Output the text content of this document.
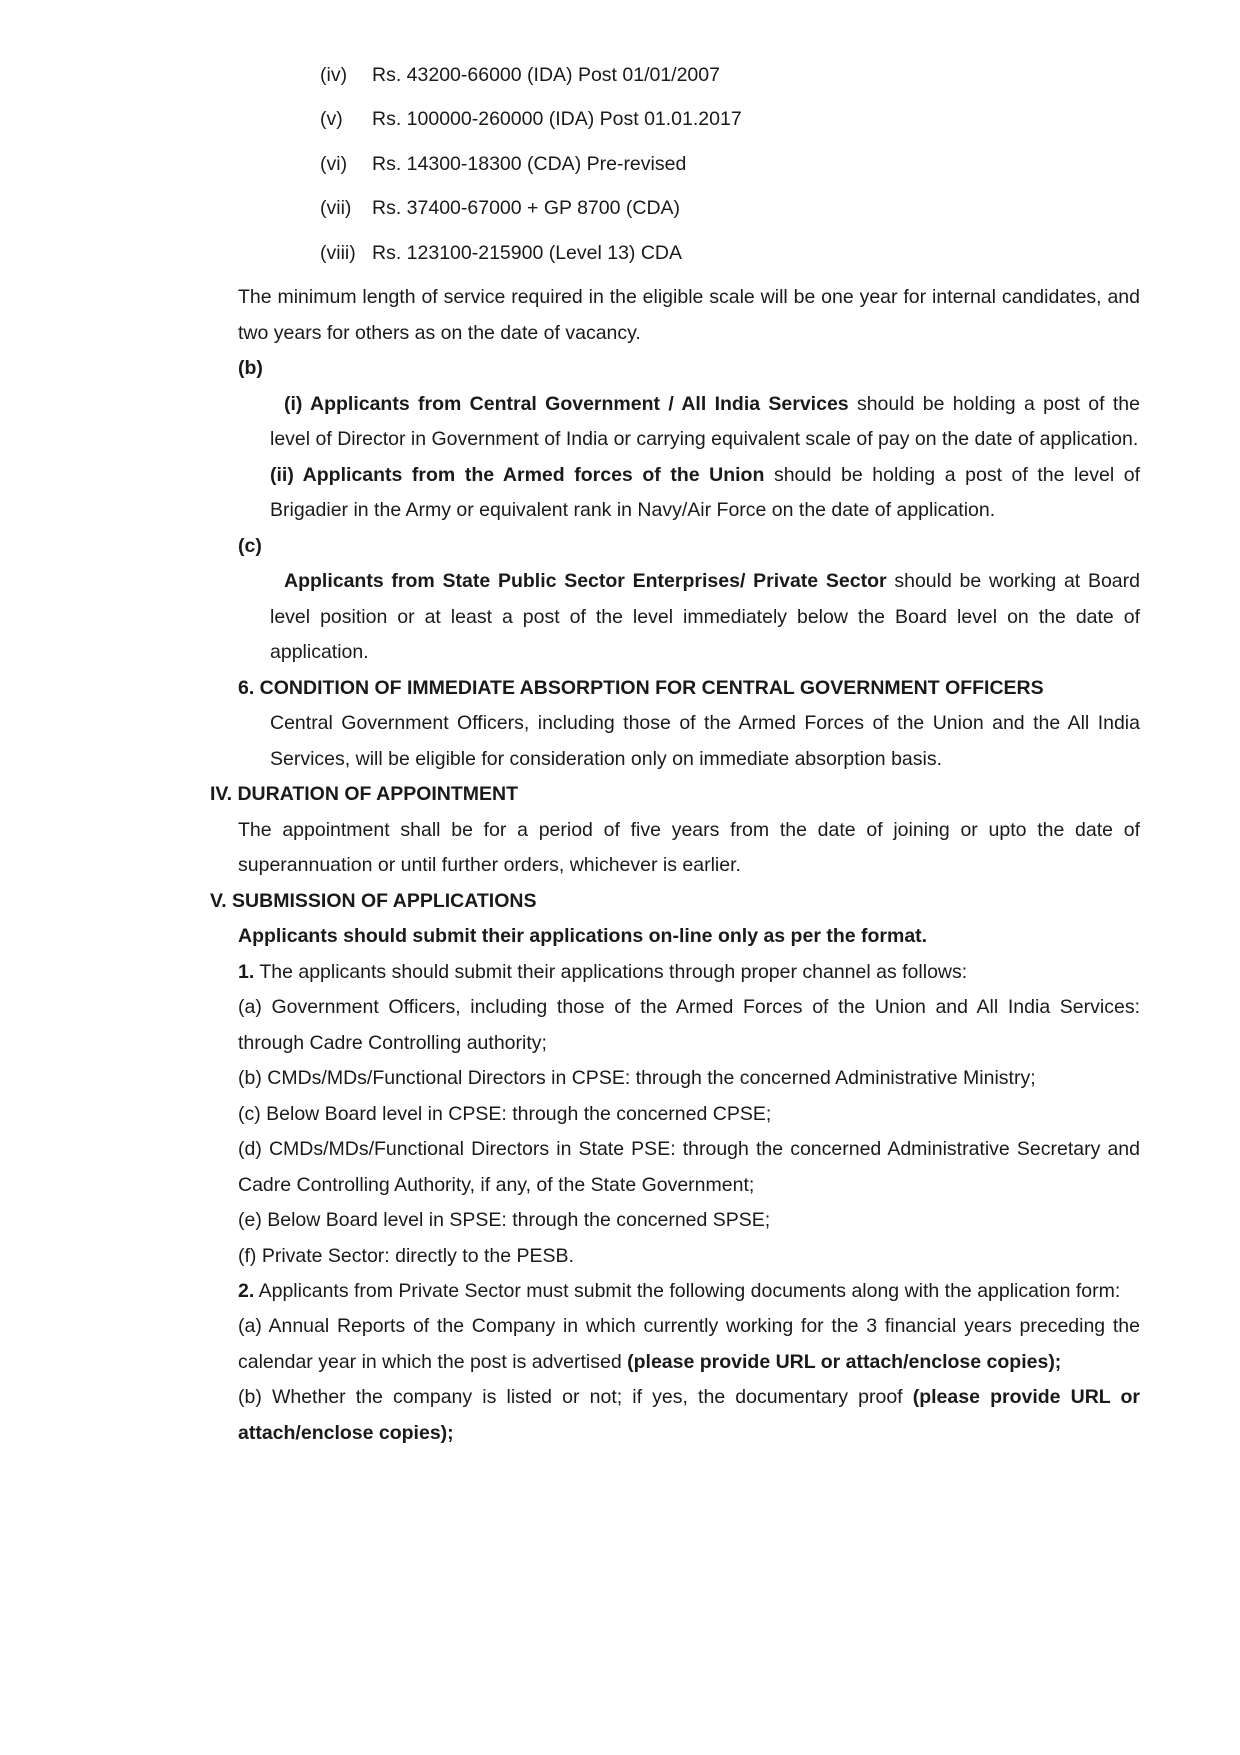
(iv)	Rs. 43200-66000 (IDA) Post 01/01/2007
(v)	Rs. 100000-260000 (IDA) Post 01.01.2017
(vi)	Rs. 14300-18300 (CDA) Pre-revised
(vii)	Rs. 37400-67000 + GP 8700 (CDA)
(viii) Rs. 123100-215900 (Level 13) CDA

The minimum length of service required in the eligible scale will be one year for internal candidates, and two years for others as on the date of vacancy.

(b)

(i) Applicants from Central Government / All India Services should be holding a post of the level of Director in Government of India or carrying equivalent scale of pay on the date of application.

(ii) Applicants from the Armed forces of the Union should be holding a post of the level of Brigadier in the Army or equivalent rank in Navy/Air Force on the date of application.

(c)

Applicants from State Public Sector Enterprises/ Private Sector should be working at Board level position or at least a post of the level immediately below the Board level on the date of application.

6. CONDITION OF IMMEDIATE ABSORPTION FOR CENTRAL GOVERNMENT OFFICERS

Central Government Officers, including those of the Armed Forces of the Union and the All India Services, will be eligible for consideration only on immediate absorption basis.

IV. DURATION OF APPOINTMENT

The appointment shall be for a period of five years from the date of joining or upto the date of superannuation or until further orders, whichever is earlier.

V. SUBMISSION OF APPLICATIONS

Applicants should submit their applications on-line only as per the format.

1. The applicants should submit their applications through proper channel as follows:

(a) Government Officers, including those of the Armed Forces of the Union and All India Services: through Cadre Controlling authority;

(b) CMDs/MDs/Functional Directors in CPSE: through the concerned Administrative Ministry;

(c) Below Board level in CPSE: through the concerned CPSE;

(d) CMDs/MDs/Functional Directors in State PSE: through the concerned Administrative Secretary and Cadre Controlling Authority, if any, of the State Government;

(e) Below Board level in SPSE: through the concerned SPSE;

(f) Private Sector: directly to the PESB.

2. Applicants from Private Sector must submit the following documents along with the application form:

(a) Annual Reports of the Company in which currently working for the 3 financial years preceding the calendar year in which the post is advertised (please provide URL or attach/enclose copies);

(b) Whether the company is listed or not; if yes, the documentary proof (please provide URL or attach/enclose copies);
